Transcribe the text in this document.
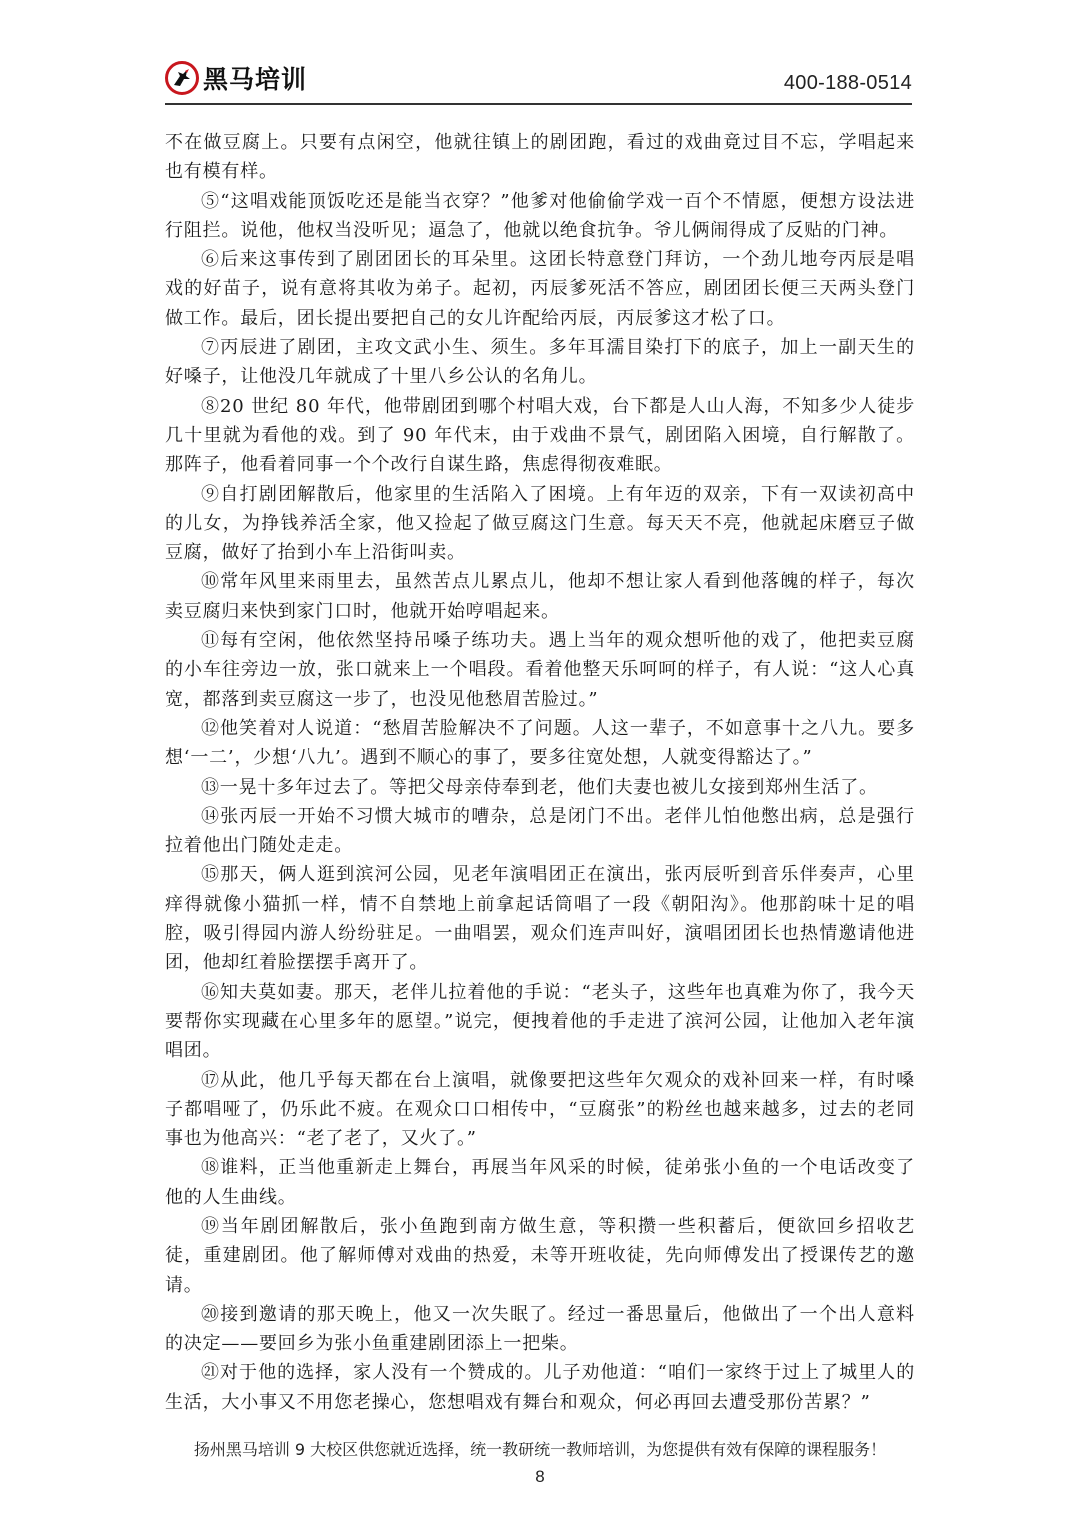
黑马培训	400-188-0514

不在做豆腐上。只要有点闲空，他就往镇上的剧团跑，看过的戏曲竟过目不忘，学唱起来也有模有样。

⑤“这唱戏能顶饭吃还是能当衣穿？”他爹对他偷偷学戏一百个不情愿，便想方设法进行阻拦。说他，他权当没听见；逼急了，他就以绝食抗争。爷儿俩闹得成了反贴的门神。

⑥后来这事传到了剧团团长的耳朵里。这团长特意登门拜访，一个劲儿地夸丙辰是唱戏的好苗子，说有意将其收为弟子。起初，丙辰爹死活不答应，剧团团长便三天两头登门做工作。最后，团长提出要把自己的女儿许配给丙辰，丙辰爹这才松了口。

⑦丙辰进了剧团，主攻文武小生、须生。多年耳濡目染打下的底子，加上一副天生的好嗓子，让他没几年就成了十里八乡公认的名角儿。

⑧20 世纪 80 年代，他带剧团到哪个村唱大戏，台下都是人山人海，不知多少人徒步几十里就为看他的戏。到了 90 年代末，由于戏曲不景气，剧团陷入困境，自行解散了。那阵子，他看着同事一个个改行自谋生路，焦虑得彻夜难眠。

⑨自打剧团解散后，他家里的生活陷入了困境。上有年迈的双亲，下有一双读初高中的儿女，为挣钱养活全家，他又捡起了做豆腐这门生意。每天天不亮，他就起床磨豆子做豆腐，做好了抬到小车上沿街叫卖。

⑩常年风里来雨里去，虽然苦点儿累点儿，他却不想让家人看到他落魄的样子，每次卖豆腐归来快到家门口时，他就开始哼唱起来。

⑪每有空闲，他依然坚持吊嗓子练功夫。遇上当年的观众想听他的戏了，他把卖豆腐的小车往旁边一放，张口就来上一个唱段。看着他整天乐呵呵的样子，有人说：“这人心真宽，都落到卖豆腐这一步了，也没见他愁眉苦脸过。”

⑫他笑着对人说道：“愁眉苦脸解决不了问题。人这一辈子，不如意事十之八九。要多想‘一二’，少想‘八九’。遇到不顺心的事了，要多往宽处想，人就变得豁达了。”

⑬一晃十多年过去了。等把父母亲侍奉到老，他们夫妻也被儿女接到郑州生活了。

⑭张丙辰一开始不习惯大城市的嘈杂，总是闭门不出。老伴儿怕他憋出病，总是强行拉着他出门随处走走。

⑮那天，俩人逛到滨河公园，见老年演唱团正在演出，张丙辰听到音乐伴奏声，心里痒得就像小猫抓一样，情不自禁地上前拿起话筒唱了一段《朝阳沟》。他那韵味十足的唱腔，吸引得园内游人纷纷驻足。一曲唱罢，观众们连声叫好，演唱团团长也热情邀请他进团，他却红着脸摆摆手离开了。

⑯知夫莫如妻。那天，老伴儿拉着他的手说：“老头子，这些年也真难为你了，我今天要帮你实现藏在心里多年的愿望。”说完，便拽着他的手走进了滨河公园，让他加入老年演唱团。

⑰从此，他几乎每天都在台上演唱，就像要把这些年欠观众的戏补回来一样，有时嗓子都唱哑了，仍乐此不疲。在观众口口相传中，“豆腐张”的粉丝也越来越多，过去的老同事也为他高兴：“老了老了，又火了。”

⑱谁料，正当他重新走上舞台，再展当年风采的时候，徒弟张小鱼的一个电话改变了他的人生曲线。

⑲当年剧团解散后，张小鱼跑到南方做生意，等积攒一些积蓄后，便欲回乡招收艺徒，重建剧团。他了解师傅对戏曲的热爱，未等开班收徒，先向师傅发出了授课传艺的邀请。

⑳接到邀请的那天晚上，他又一次失眠了。经过一番思量后，他做出了一个出人意料的决定——要回乡为张小鱼重建剧团添上一把柴。

㉑对于他的选择，家人没有一个赞成的。儿子劝他道：“咱们一家终于过上了城里人的生活，大小事又不用您老操心，您想唱戏有舞台和观众，何必再回去遭受那份苦累？”

扬州黑马培训 9 大校区供您就近选择，统一教研统一教师培训，为您提供有效有保障的课程服务！
8
